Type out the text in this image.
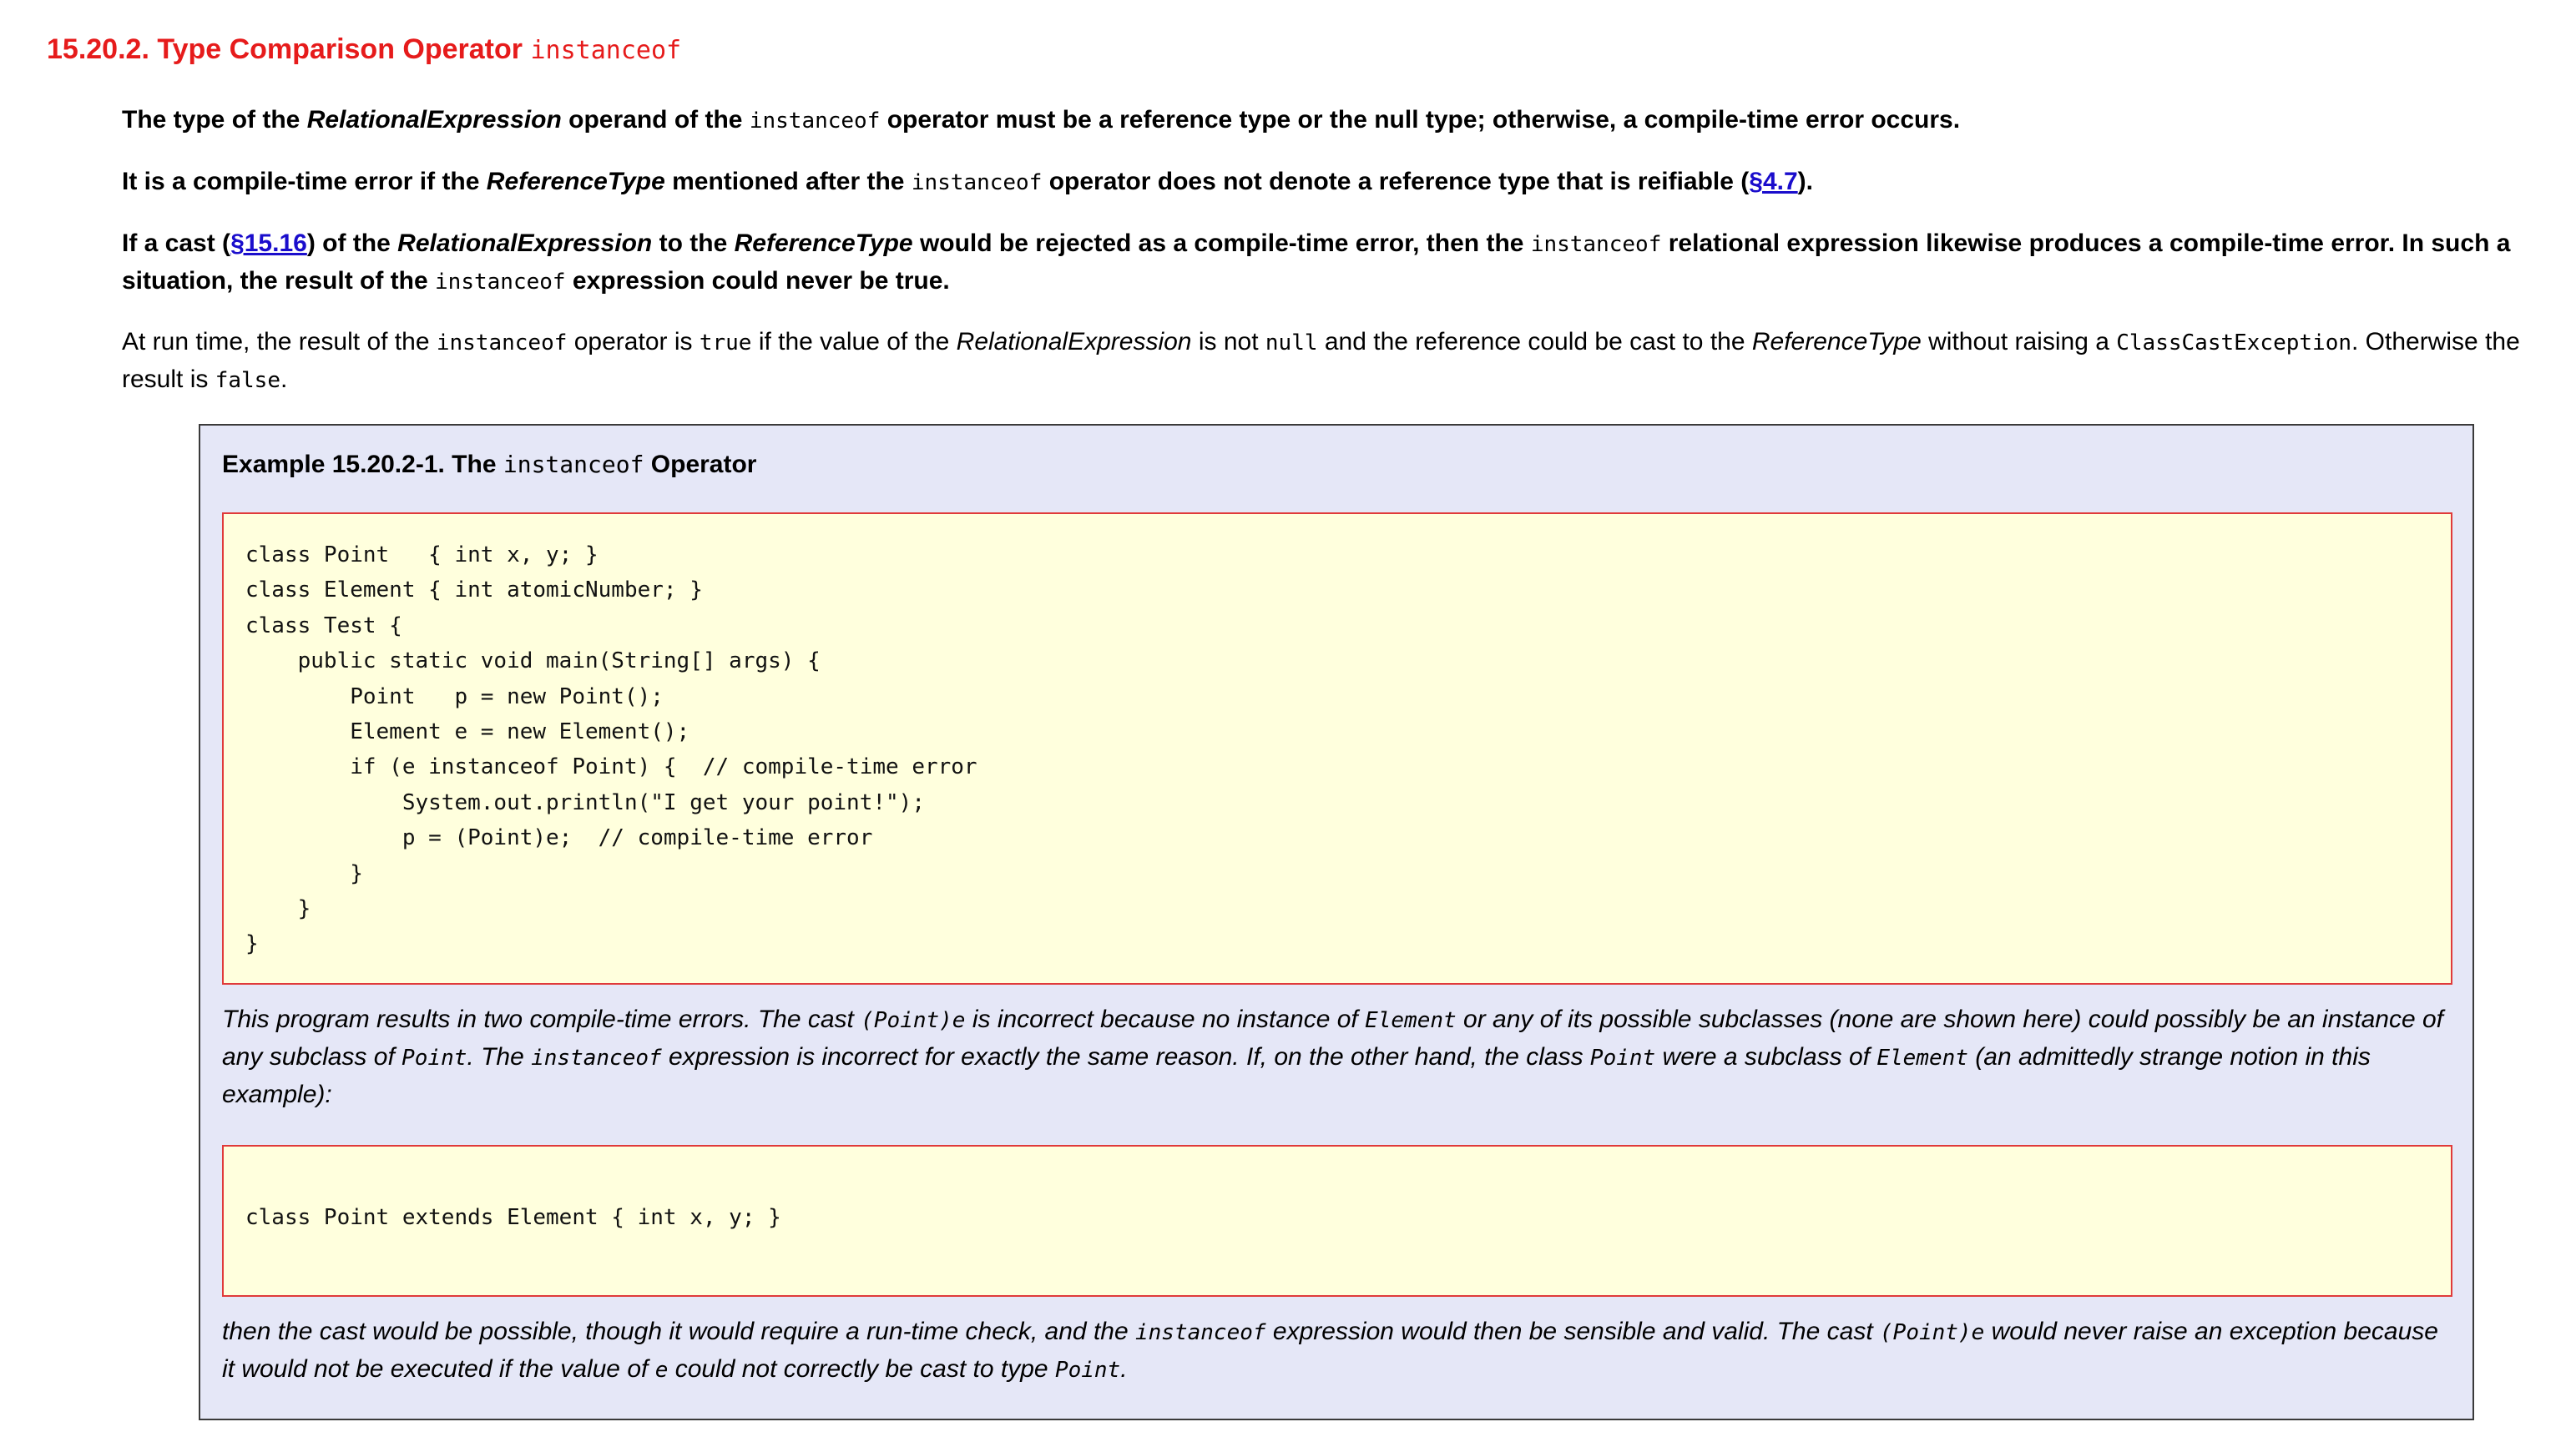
15.20.2. Type Comparison Operator instanceof

The type of the RelationalExpression operand of the instanceof operator must be a reference type or the null type; otherwise, a compile-time error occurs.

It is a compile-time error if the ReferenceType mentioned after the instanceof operator does not denote a reference type that is reifiable (§4.7).

If a cast (§15.16) of the RelationalExpression to the ReferenceType would be rejected as a compile-time error, then the instanceof relational expression likewise produces a compile-time error. In such a situation, the result of the instanceof expression could never be true.

At run time, the result of the instanceof operator is true if the value of the RelationalExpression is not null and the reference could be cast to the ReferenceType without raising a ClassCastException. Otherwise the result is false.

Example 15.20.2-1. The instanceof Operator

class Point   { int x, y; }
class Element { int atomicNumber; }
class Test {
public static void main(String[] args) {
Point   p = new Point();
Element e = new Element();
if (e instanceof Point) {  // compile-time error
System.out.println("I get your point!");
p = (Point)e;  // compile-time error
}
}
}

This program results in two compile-time errors. The cast (Point)e is incorrect because no instance of Element or any of its possible subclasses (none are shown here) could possibly be an instance of any subclass of Point. The instanceof expression is incorrect for exactly the same reason. If, on the other hand, the class Point were a subclass of Element (an admittedly strange notion in this example):

class Point extends Element { int x, y; }

then the cast would be possible, though it would require a run-time check, and the instanceof expression would then be sensible and valid. The cast (Point)e would never raise an exception because it would not be executed if the value of e could not correctly be cast to type Point.
